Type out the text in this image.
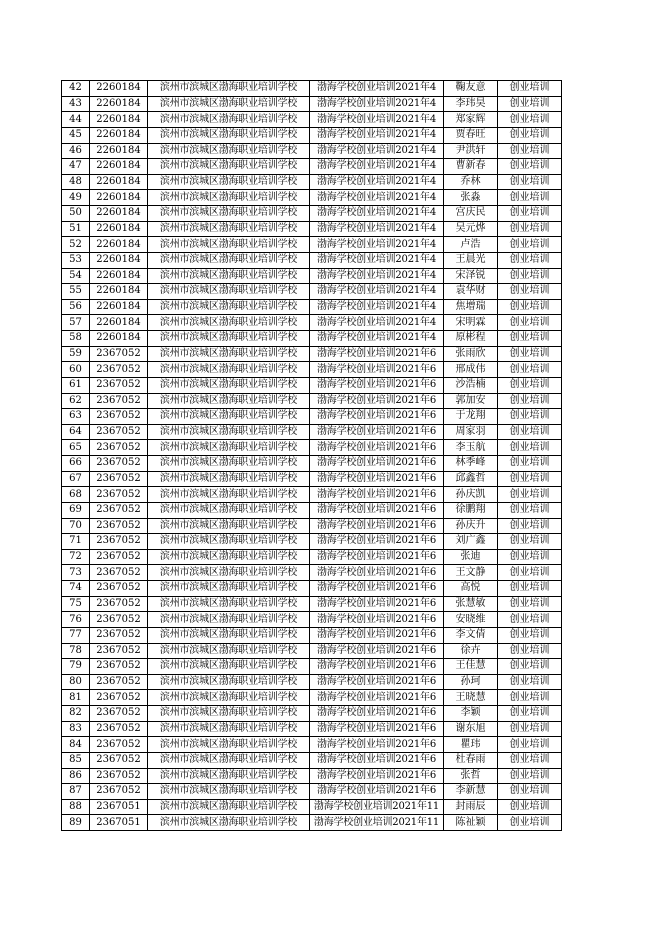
42	2260184	滨州市滨城区渤海职业培训学校	渤海学校创业培训2021年4	鞠友意	创业培训
43	2260184	滨州市滨城区渤海职业培训学校	渤海学校创业培训2021年4	李玮昊	创业培训
44	2260184	滨州市滨城区渤海职业培训学校	渤海学校创业培训2021年4	郑家辉	创业培训
45	2260184	滨州市滨城区渤海职业培训学校	渤海学校创业培训2021年4	贾春旺	创业培训
46	2260184	滨州市滨城区渤海职业培训学校	渤海学校创业培训2021年4	尹洪轩	创业培训
47	2260184	滨州市滨城区渤海职业培训学校	渤海学校创业培训2021年4	曹新春	创业培训
48	2260184	滨州市滨城区渤海职业培训学校	渤海学校创业培训2021年4	乔林	创业培训
49	2260184	滨州市滨城区渤海职业培训学校	渤海学校创业培训2021年4	张淼	创业培训
50	2260184	滨州市滨城区渤海职业培训学校	渤海学校创业培训2021年4	宫庆民	创业培训
51	2260184	滨州市滨城区渤海职业培训学校	渤海学校创业培训2021年4	吴元烨	创业培训
52	2260184	滨州市滨城区渤海职业培训学校	渤海学校创业培训2021年4	卢浩	创业培训
53	2260184	滨州市滨城区渤海职业培训学校	渤海学校创业培训2021年4	王晨光	创业培训
54	2260184	滨州市滨城区渤海职业培训学校	渤海学校创业培训2021年4	宋泽锐	创业培训
55	2260184	滨州市滨城区渤海职业培训学校	渤海学校创业培训2021年4	袁华财	创业培训
56	2260184	滨州市滨城区渤海职业培训学校	渤海学校创业培训2021年4	焦增瑞	创业培训
57	2260184	滨州市滨城区渤海职业培训学校	渤海学校创业培训2021年4	宋明霖	创业培训
58	2260184	滨州市滨城区渤海职业培训学校	渤海学校创业培训2021年4	原彬程	创业培训
59	2367052	滨州市滨城区渤海职业培训学校	渤海学校创业培训2021年6	张雨欣	创业培训
60	2367052	滨州市滨城区渤海职业培训学校	渤海学校创业培训2021年6	邢成伟	创业培训
61	2367052	滨州市滨城区渤海职业培训学校	渤海学校创业培训2021年6	沙浩楠	创业培训
62	2367052	滨州市滨城区渤海职业培训学校	渤海学校创业培训2021年6	郭加安	创业培训
63	2367052	滨州市滨城区渤海职业培训学校	渤海学校创业培训2021年6	于龙翔	创业培训
64	2367052	滨州市滨城区渤海职业培训学校	渤海学校创业培训2021年6	周家羽	创业培训
65	2367052	滨州市滨城区渤海职业培训学校	渤海学校创业培训2021年6	李玉航	创业培训
66	2367052	滨州市滨城区渤海职业培训学校	渤海学校创业培训2021年6	林季峰	创业培训
67	2367052	滨州市滨城区渤海职业培训学校	渤海学校创业培训2021年6	邱鑫哲	创业培训
68	2367052	滨州市滨城区渤海职业培训学校	渤海学校创业培训2021年6	孙庆凯	创业培训
69	2367052	滨州市滨城区渤海职业培训学校	渤海学校创业培训2021年6	徐鹏翔	创业培训
70	2367052	滨州市滨城区渤海职业培训学校	渤海学校创业培训2021年6	孙庆升	创业培训
71	2367052	滨州市滨城区渤海职业培训学校	渤海学校创业培训2021年6	刘广鑫	创业培训
72	2367052	滨州市滨城区渤海职业培训学校	渤海学校创业培训2021年6	张迪	创业培训
73	2367052	滨州市滨城区渤海职业培训学校	渤海学校创业培训2021年6	王文静	创业培训
74	2367052	滨州市滨城区渤海职业培训学校	渤海学校创业培训2021年6	高悦	创业培训
75	2367052	滨州市滨城区渤海职业培训学校	渤海学校创业培训2021年6	张慧敏	创业培训
76	2367052	滨州市滨城区渤海职业培训学校	渤海学校创业培训2021年6	安晓维	创业培训
77	2367052	滨州市滨城区渤海职业培训学校	渤海学校创业培训2021年6	李文倩	创业培训
78	2367052	滨州市滨城区渤海职业培训学校	渤海学校创业培训2021年6	徐卉	创业培训
79	2367052	滨州市滨城区渤海职业培训学校	渤海学校创业培训2021年6	王佳慧	创业培训
80	2367052	滨州市滨城区渤海职业培训学校	渤海学校创业培训2021年6	孙珂	创业培训
81	2367052	滨州市滨城区渤海职业培训学校	渤海学校创业培训2021年6	王晓慧	创业培训
82	2367052	滨州市滨城区渤海职业培训学校	渤海学校创业培训2021年6	李颖	创业培训
83	2367052	滨州市滨城区渤海职业培训学校	渤海学校创业培训2021年6	谢东旭	创业培训
84	2367052	滨州市滨城区渤海职业培训学校	渤海学校创业培训2021年6	瞿玮	创业培训
85	2367052	滨州市滨城区渤海职业培训学校	渤海学校创业培训2021年6	杜春雨	创业培训
86	2367052	滨州市滨城区渤海职业培训学校	渤海学校创业培训2021年6	张哲	创业培训
87	2367052	滨州市滨城区渤海职业培训学校	渤海学校创业培训2021年6	李新慧	创业培训
88	2367051	滨州市滨城区渤海职业培训学校	渤海学校创业培训2021年11	封雨辰	创业培训
89	2367051	滨州市滨城区渤海职业培训学校	渤海学校创业培训2021年11	陈祉颖	创业培训
